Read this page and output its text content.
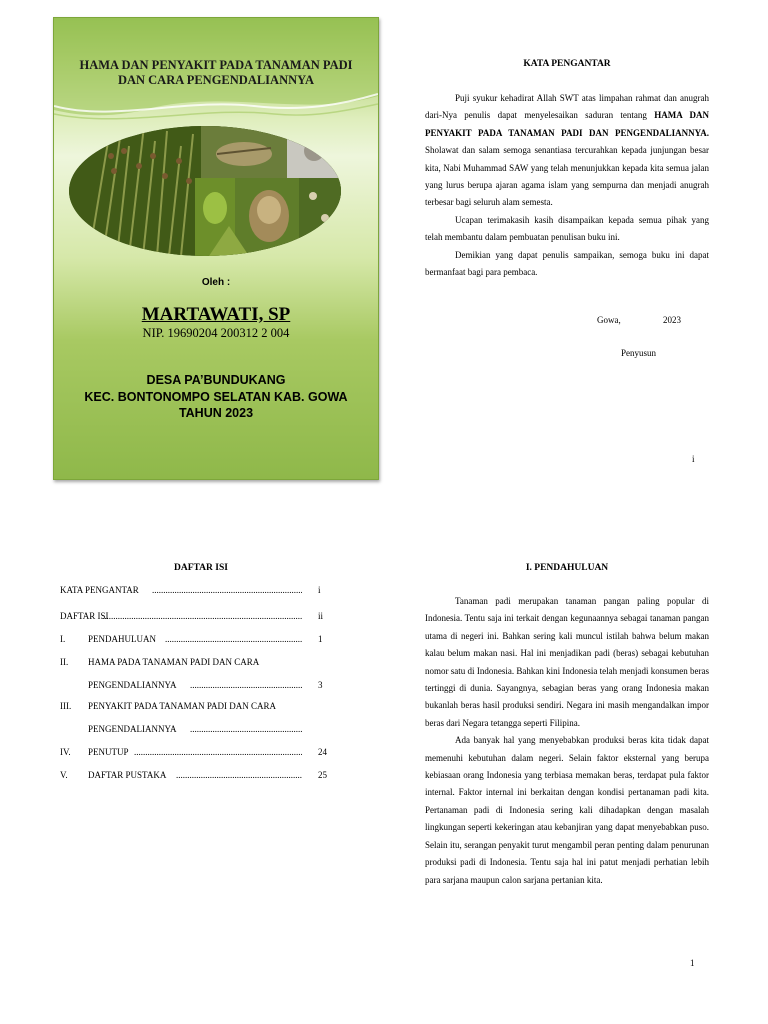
HAMA DAN PENYAKIT PADA TANAMAN PADI
DAN CARA PENGENDALIANNYA
Oleh :
MARTAWATI, SP
NIP. 19690204 200312 2 004
DESA PA’BUNDUKANG
KEC. BONTONOMPO SELATAN KAB. GOWA
TAHUN 2023
KATA PENGANTAR

Puji syukur kehadirat Allah SWT atas limpahan rahmat dan anugrah dari-Nya penulis dapat menyelesaikan saduran tentang HAMA DAN PENYAKIT PADA TANAMAN PADI DAN PENGENDALIANNYA. Sholawat dan salam semoga senantiasa tercurahkan kepada junjungan besar kita, Nabi Muhammad SAW yang telah menunjukkan kepada kita semua jalan yang lurus berupa ajaran agama islam yang sempurna dan menjadi anugrah terbesar bagi seluruh alam semesta.

Ucapan terimakasih kasih disampaikan kepada semua pihak yang telah membantu dalam pembuatan penulisan buku ini.

Demikian yang dapat penulis sampaikan, semoga buku ini dapat bermanfaat bagi para pembaca.

Gowa,	2023
Penyusun
i
DAFTAR ISI
KATA PENGANTAR .....	i
DAFTAR ISI .....	ii
I.	PENDAHULUAN .....	1
II. HAMA PADA TANAMAN PADI DAN CARA
PENGENDALIANNYA .....	3
III. PENYAKIT PADA TANAMAN PADI DAN CARA
PENGENDALIANNYA
.....
IV. PENUTUP .....	24
V. DAFTAR PUSTAKA .....	25
I. PENDAHULUAN

Tanaman padi merupakan tanaman pangan paling popular di Indonesia. Tentu saja ini terkait dengan kegunaannya sebagai tanaman pangan utama di negeri ini. Bahkan sering kali muncul istilah bahwa belum makan kalau belum makan nasi. Hal ini menjadikan padi (beras) sebagai kebutuhan nomor satu di Indonesia. Bahkan kini Indonesia telah menjadi konsumen beras tertinggi di dunia. Sayangnya, sebagian beras yang orang Indonesia makan bukanlah beras hasil produksi sendiri. Negara ini masih mengandalkan impor beras dari Negara tetangga seperti Filipina.

Ada banyak hal yang menyebabkan produksi beras kita tidak dapat memenuhi kebutuhan dalam negeri. Selain faktor eksternal yang berupa kebiasaan orang Indonesia yang terbiasa memakan beras, terdapat pula faktor internal. Faktor internal ini berkaitan dengan kondisi pertanaman padi kita. Pertanaman padi di Indonesia sering kali dihadapkan dengan masalah lingkungan seperti kekeringan atau kebanjiran yang dapat menyebabkan puso. Selain itu, serangan penyakit turut mengambil peran penting dalam penurunan produksi padi di Indonesia. Tentu saja hal ini patut menjadi perhatian lebih para sarjana maupun calon sarjana pertanian kita.

1
